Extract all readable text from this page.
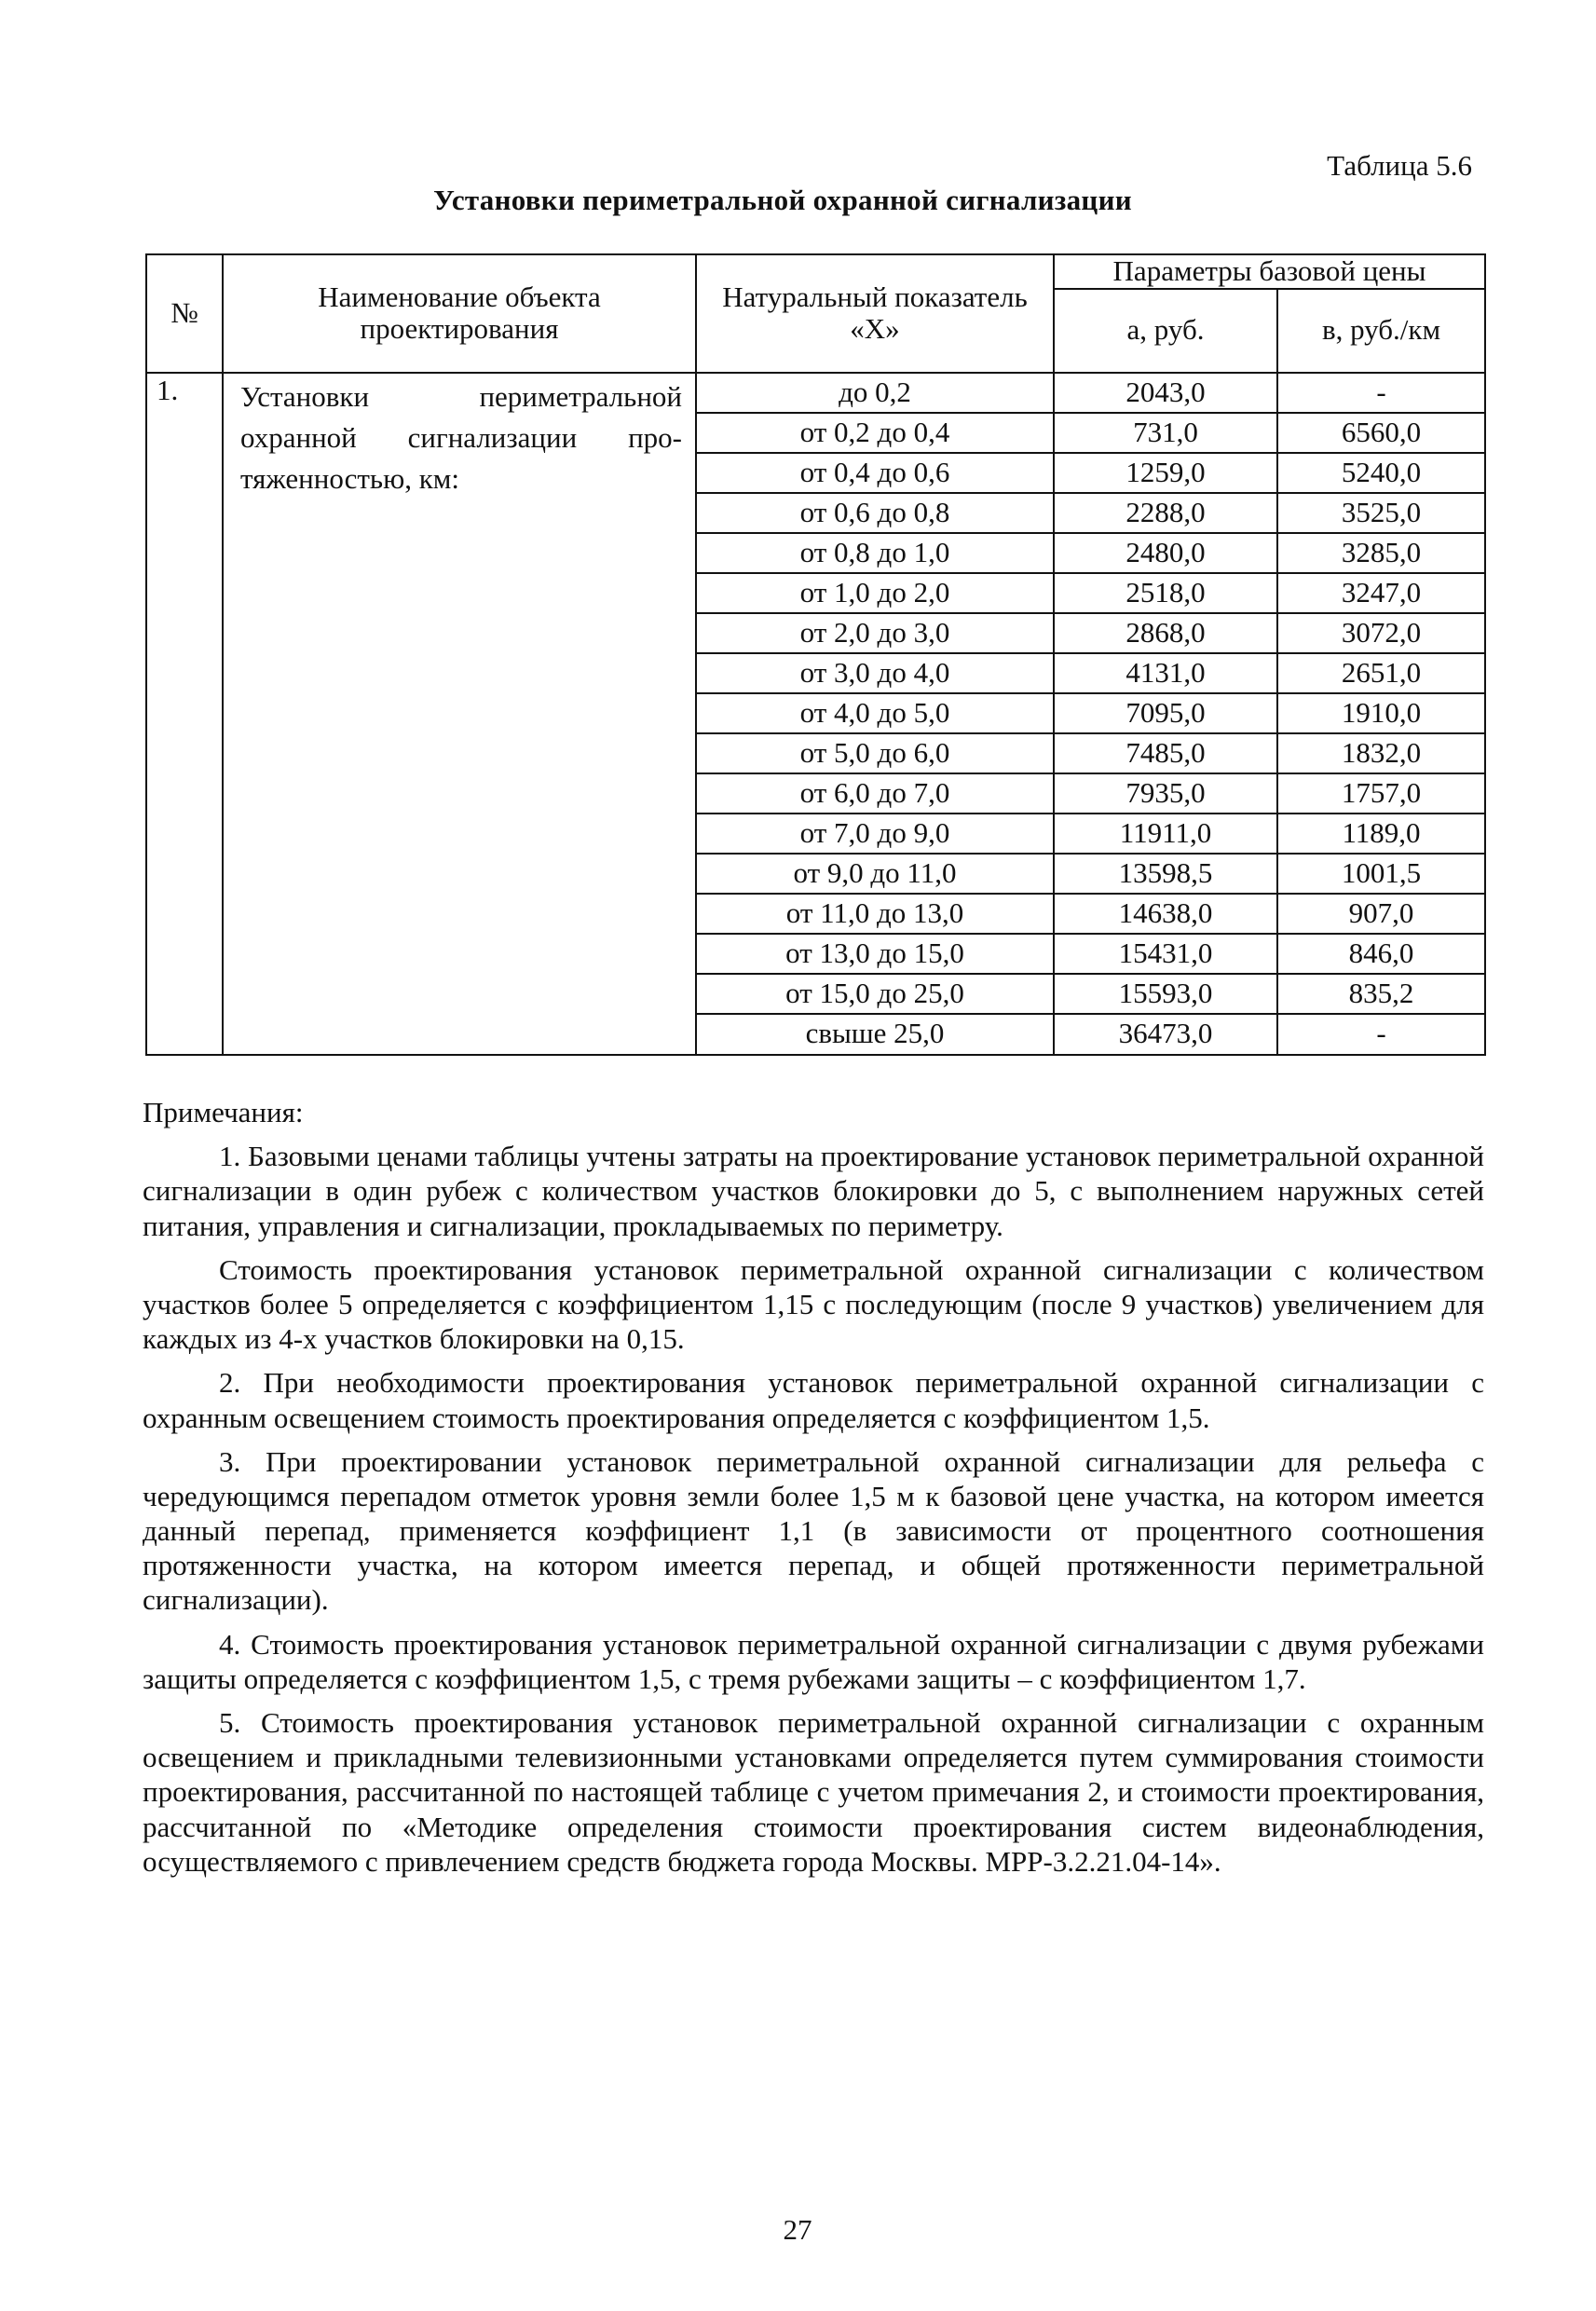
Таблица 5.6
Установки периметральной охранной сигнализации
№	Наименование объекта проектирования	Натуральный показатель «Х»	Параметры базовой цены	
			а, руб.	в, руб./км
1.	Установки периметральной охранной сигнализации про-тяженностью, км:	до 0,2	2043,0	-
		от 0,2 до 0,4	731,0	6560,0
		от 0,4 до 0,6	1259,0	5240,0
		от 0,6 до 0,8	2288,0	3525,0
		от 0,8 до 1,0	2480,0	3285,0
		от 1,0 до 2,0	2518,0	3247,0
		от 2,0 до 3,0	2868,0	3072,0
		от 3,0 до 4,0	4131,0	2651,0
		от 4,0 до 5,0	7095,0	1910,0
		от 5,0 до 6,0	7485,0	1832,0
		от 6,0 до 7,0	7935,0	1757,0
		от 7,0 до 9,0	11911,0	1189,0
		от 9,0 до 11,0	13598,5	1001,5
		от 11,0 до 13,0	14638,0	907,0
		от 13,0 до 15,0	15431,0	846,0
		от 15,0 до 25,0	15593,0	835,2
		свыше 25,0	36473,0	-
Примечания:

1. Базовыми ценами таблицы учтены затраты на проектирование установок периметральной охранной сигнализации в один рубеж с количеством участков блокировки до 5, с выполнением наружных сетей питания, управления и сигнализации, прокладываемых по периметру.

Стоимость проектирования установок периметральной охранной сигнализации с количеством участков более 5 определяется с коэффициентом 1,15 с последующим (после 9 участков) увеличением для каждых из 4-х участков блокировки на 0,15.

2. При необходимости проектирования установок периметральной охранной сигнализации с охранным освещением стоимость проектирования определяется с коэффициентом 1,5.

3. При проектировании установок периметральной охранной сигнализации для рельефа с чередующимся перепадом отметок уровня земли более 1,5 м к базовой цене участка, на котором имеется данный перепад, применяется коэффициент 1,1 (в зависимости от процентного соотношения протяженности участка, на котором имеется перепад, и общей протяженности периметральной сигнализации).

4. Стоимость проектирования установок периметральной охранной сигнализации с двумя рубежами защиты определяется с коэффициентом 1,5, с тремя рубежами защиты – с коэффициентом 1,7.

5. Стоимость проектирования установок периметральной охранной сигнализации с охранным освещением и прикладными телевизионными установками определяется путем суммирования стоимости проектирования, рассчитанной по настоящей таблице с учетом примечания 2, и стоимости проектирования, рассчитанной по «Методике определения стоимости проектирования систем видеонаблюдения, осуществляемого с привлечением средств бюджета города Москвы. МРР-3.2.21.04-14».

27
